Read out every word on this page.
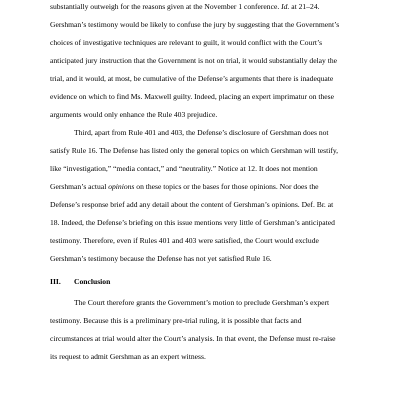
substantially outweigh for the reasons given at the November 1 conference. Id. at 21–24.

Gershman’s testimony would be likely to confuse the jury by suggesting that the Government’s

choices of investigative techniques are relevant to guilt, it would conflict with the Court’s

anticipated jury instruction that the Government is not on trial, it would substantially delay the

trial, and it would, at most, be cumulative of the Defense’s arguments that there is inadequate

evidence on which to find Ms. Maxwell guilty. Indeed, placing an expert imprimatur on these

arguments would only enhance the Rule 403 prejudice.

Third, apart from Rule 401 and 403, the Defense’s disclosure of Gershman does not

satisfy Rule 16. The Defense has listed only the general topics on which Gershman will testify,

like “investigation,” “media contact,” and “neutrality.” Notice at 12. It does not mention

Gershman’s actual opinions on these topics or the bases for those opinions. Nor does the

Defense’s response brief add any detail about the content of Gershman’s opinions. Def. Br. at

18. Indeed, the Defense’s briefing on this issue mentions very little of Gershman’s anticipated

testimony. Therefore, even if Rules 401 and 403 were satisfied, the Court would exclude

Gershman’s testimony because the Defense has not yet satisfied Rule 16.

III. Conclusion

The Court therefore grants the Government’s motion to preclude Gershman’s expert

testimony. Because this is a preliminary pre-trial ruling, it is possible that facts and

circumstances at trial would alter the Court’s analysis. In that event, the Defense must re-raise

its request to admit Gershman as an expert witness.
